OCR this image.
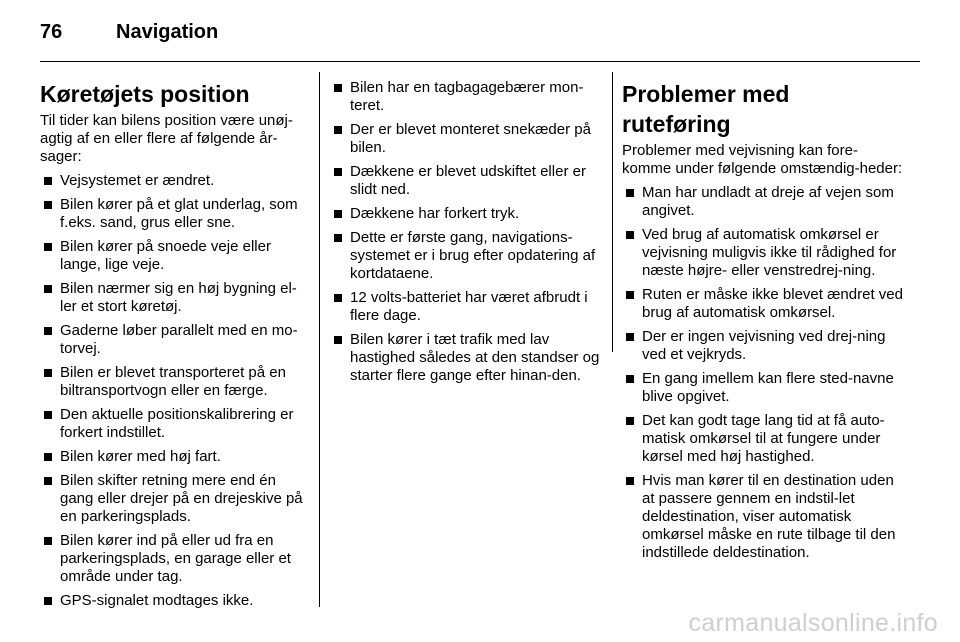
76	Navigation
Køretøjets position
Til tider kan bilens position være unøj-agtig af en eller flere af følgende år-sager:
Vejsystemet er ændret.
Bilen kører på et glat underlag, som f.eks. sand, grus eller sne.
Bilen kører på snoede veje eller lange, lige veje.
Bilen nærmer sig en høj bygning el-ler et stort køretøj.
Gaderne løber parallelt med en mo-torvej.
Bilen er blevet transporteret på en biltransportvogn eller en færge.
Den aktuelle positionskalibrering er forkert indstillet.
Bilen kører med høj fart.
Bilen skifter retning mere end én gang eller drejer på en drejeskive på en parkeringsplads.
Bilen kører ind på eller ud fra en parkeringsplads, en garage eller et område under tag.
GPS-signalet modtages ikke.
Bilen har en tagbagagebærer mon-teret.
Der er blevet monteret snekæder på bilen.
Dækkene er blevet udskiftet eller er slidt ned.
Dækkene har forkert tryk.
Dette er første gang, navigations-systemet er i brug efter opdatering af kortdataene.
12 volts-batteriet har været afbrudt i flere dage.
Bilen kører i tæt trafik med lav hastighed således at den standser og starter flere gange efter hinan-den.
Problemer med ruteføring
Problemer med vejvisning kan fore-komme under følgende omstændig-heder:
Man har undladt at dreje af vejen som angivet.
Ved brug af automatisk omkørsel er vejvisning muligvis ikke til rådighed for næste højre- eller venstredrej-ning.
Ruten er måske ikke blevet ændret ved brug af automatisk omkørsel.
Der er ingen vejvisning ved drej-ning ved et vejkryds.
En gang imellem kan flere sted-navne blive opgivet.
Det kan godt tage lang tid at få auto-matisk omkørsel til at fungere under kørsel med høj hastighed.
Hvis man kører til en destination uden at passere gennem en indstil-let deldestination, viser automatisk omkørsel måske en rute tilbage til den indstillede deldestination.
carmanualsonline.info
